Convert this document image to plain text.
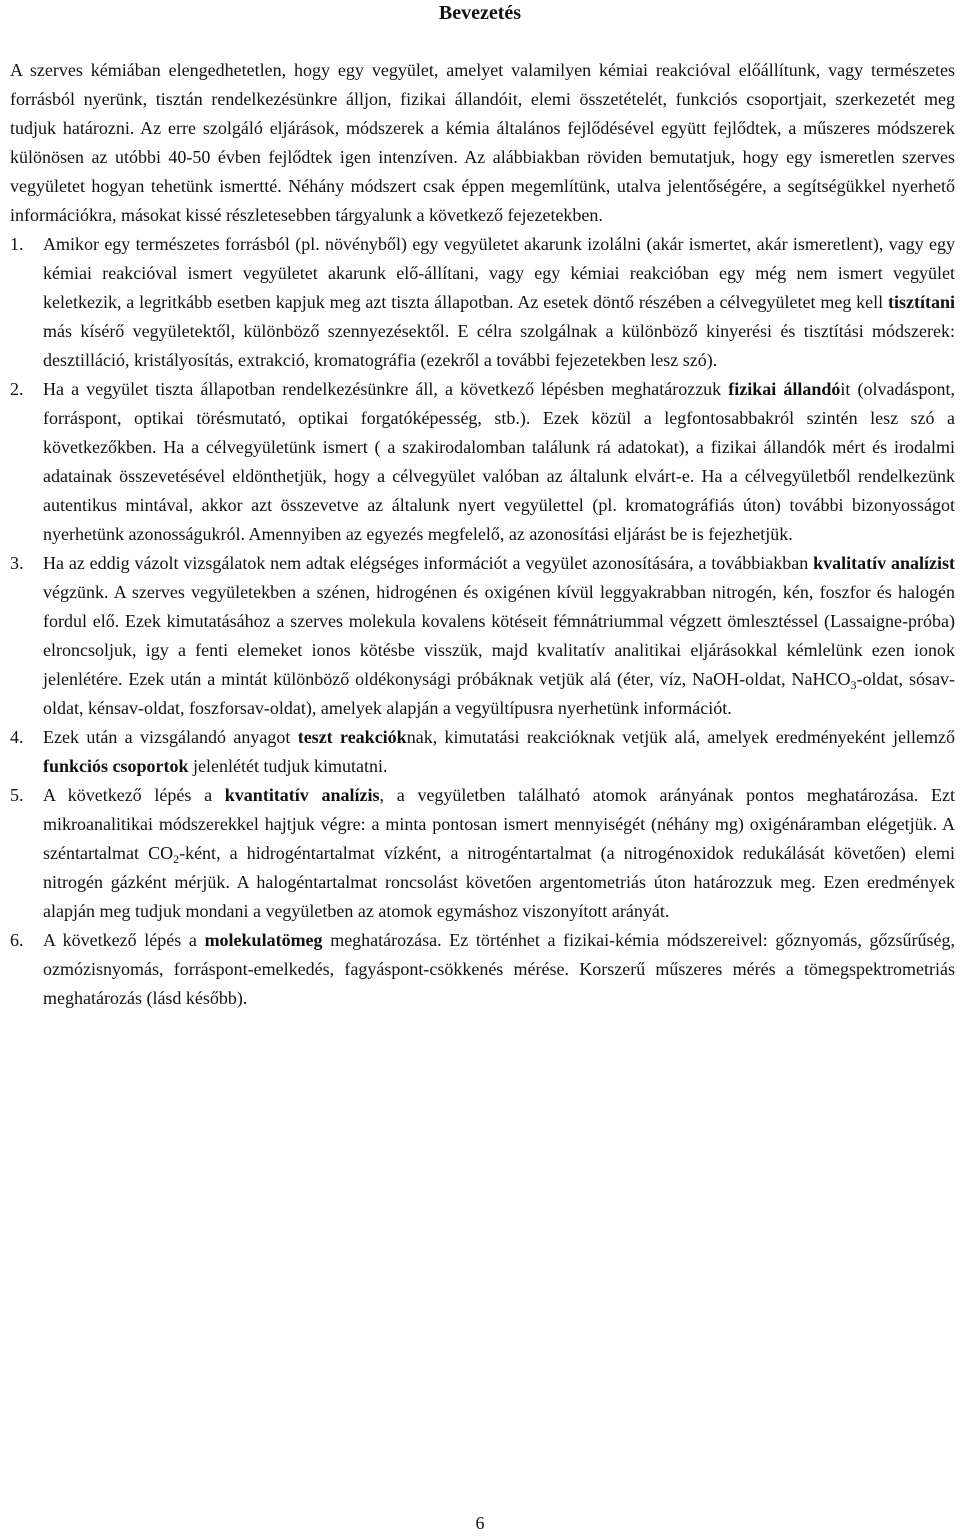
Bevezetés

A szerves kémiában elengedhetetlen, hogy egy vegyület, amelyet valamilyen kémiai reakcióval előállítunk, vagy természetes forrásból nyerünk, tisztán rendelkezésünkre álljon, fizikai állandóit, elemi összetételét, funkciós csoportjait, szerkezetét meg tudjuk határozni. Az erre szolgáló eljárások, módszerek a kémia általános fejlődésével együtt fejlődtek, a műszeres módszerek különösen az utóbbi 40-50 évben fejlődtek igen intenzíven. Az alábbiakban röviden bemutatjuk, hogy egy ismeretlen szerves vegyületet hogyan tehetünk ismertté. Néhány módszert csak éppen megemlítünk, utalva jelentőségére, a segítségükkel nyerhető információkra, másokat kissé részletesebben tárgyalunk a következő fejezetekben.

1.	Amikor egy természetes forrásból (pl. növényből) egy vegyületet akarunk izolálni (akár ismertet, akár ismeretlent), vagy egy kémiai reakcióval ismert vegyületet akarunk elő-állítani, vagy egy kémiai reakcióban egy még nem ismert vegyület keletkezik, a legritkább esetben kapjuk meg azt tiszta állapotban. Az esetek döntő részében a célvegyületet meg kell tisztítani más kísérő vegyületektől, különböző szennyezésektől. E célra szolgálnak a különböző kinyerési és tisztítási módszerek: desztilláció, kristályosítás, extrakció, kromatográfia (ezekről a további fejezetekben lesz szó).
2.	Ha a vegyület tiszta állapotban rendelkezésünkre áll, a következő lépésben meghatározzuk fizikai állandóit (olvadáspont, forráspont, optikai törésmutató, optikai forgatóképesség, stb.). Ezek közül a legfontosabbakról szintén lesz szó a következőkben. Ha a célvegyületünk ismert ( a szakirodalomban találunk rá adatokat), a fizikai állandók mért és irodalmi adatainak összevetésével eldönthetjük, hogy a célvegyület valóban az általunk elvárt-e. Ha a célvegyületből rendelkezünk autentikus mintával, akkor azt összevetve az általunk nyert vegyülettel (pl. kromatográfiás úton) további bizonyosságot nyerhetünk azonosságukról. Amennyiben az egyezés megfelelő, az azonosítási eljárást be is fejezhetjük.
3.	Ha az eddig vázolt vizsgálatok nem adtak elégséges információt a vegyület azonosítására, a továbbiakban kvalitatív analízist végzünk. A szerves vegyületekben a szénen, hidrogénen és oxigénen kívül leggyakrabban nitrogén, kén, foszfor és halogén fordul elő. Ezek kimutatásához a szerves molekula kovalens kötéseit fémnátriummal végzett ömlesztéssel (Lassaigne-próba) elroncsoljuk, igy a fenti elemeket ionos kötésbe visszük, majd kvalitatív analitikai eljárásokkal kémlelünk ezen ionok jelenlétére. Ezek után a mintát különböző oldékonysági próbáknak vetjük alá (éter, víz, NaOH-oldat, NaHCO$_3$-oldat, sósav-oldat, kénsav-oldat, foszforsav-oldat), amelyek alapján a vegyültípusra nyerhetünk információt.
4.	Ezek után a vizsgálandó anyagot teszt reakcióknak, kimutatási reakcióknak vetjük alá, amelyek eredményeként jellemző funkciós csoportok jelenlétét tudjuk kimutatni.
5.	A következő lépés a kvantitatív analízis, a vegyületben található atomok arányának pontos meghatározása. Ezt mikroanalitikai módszerekkel hajtjuk végre: a minta pontosan ismert mennyiségét (néhány mg) oxigénáramban elégetjük. A széntartalmat $CO_2$-ként, a hidrogéntartalmat vízként, a nitrogéntartalmat (a nitrogénoxidok redukálását követően) elemi nitrogén gázként mérjük. A halogéntartalmat roncsolást követően argentometriás úton határozzuk meg. Ezen eredmények alapján meg tudjuk mondani a vegyületben az atomok egymáshoz viszonyított arányát.
6.	A következő lépés a molekulatömeg meghatározása. Ez történhet a fizikai-kémia módszereivel: gőznyomás, gőzsűrűség, ozmózisnyomás, forráspont-emelkedés, fagyáspont-csökkenés mérése. Korszerű műszeres mérés a tömegspektrometriás meghatározás (lásd később).
6
